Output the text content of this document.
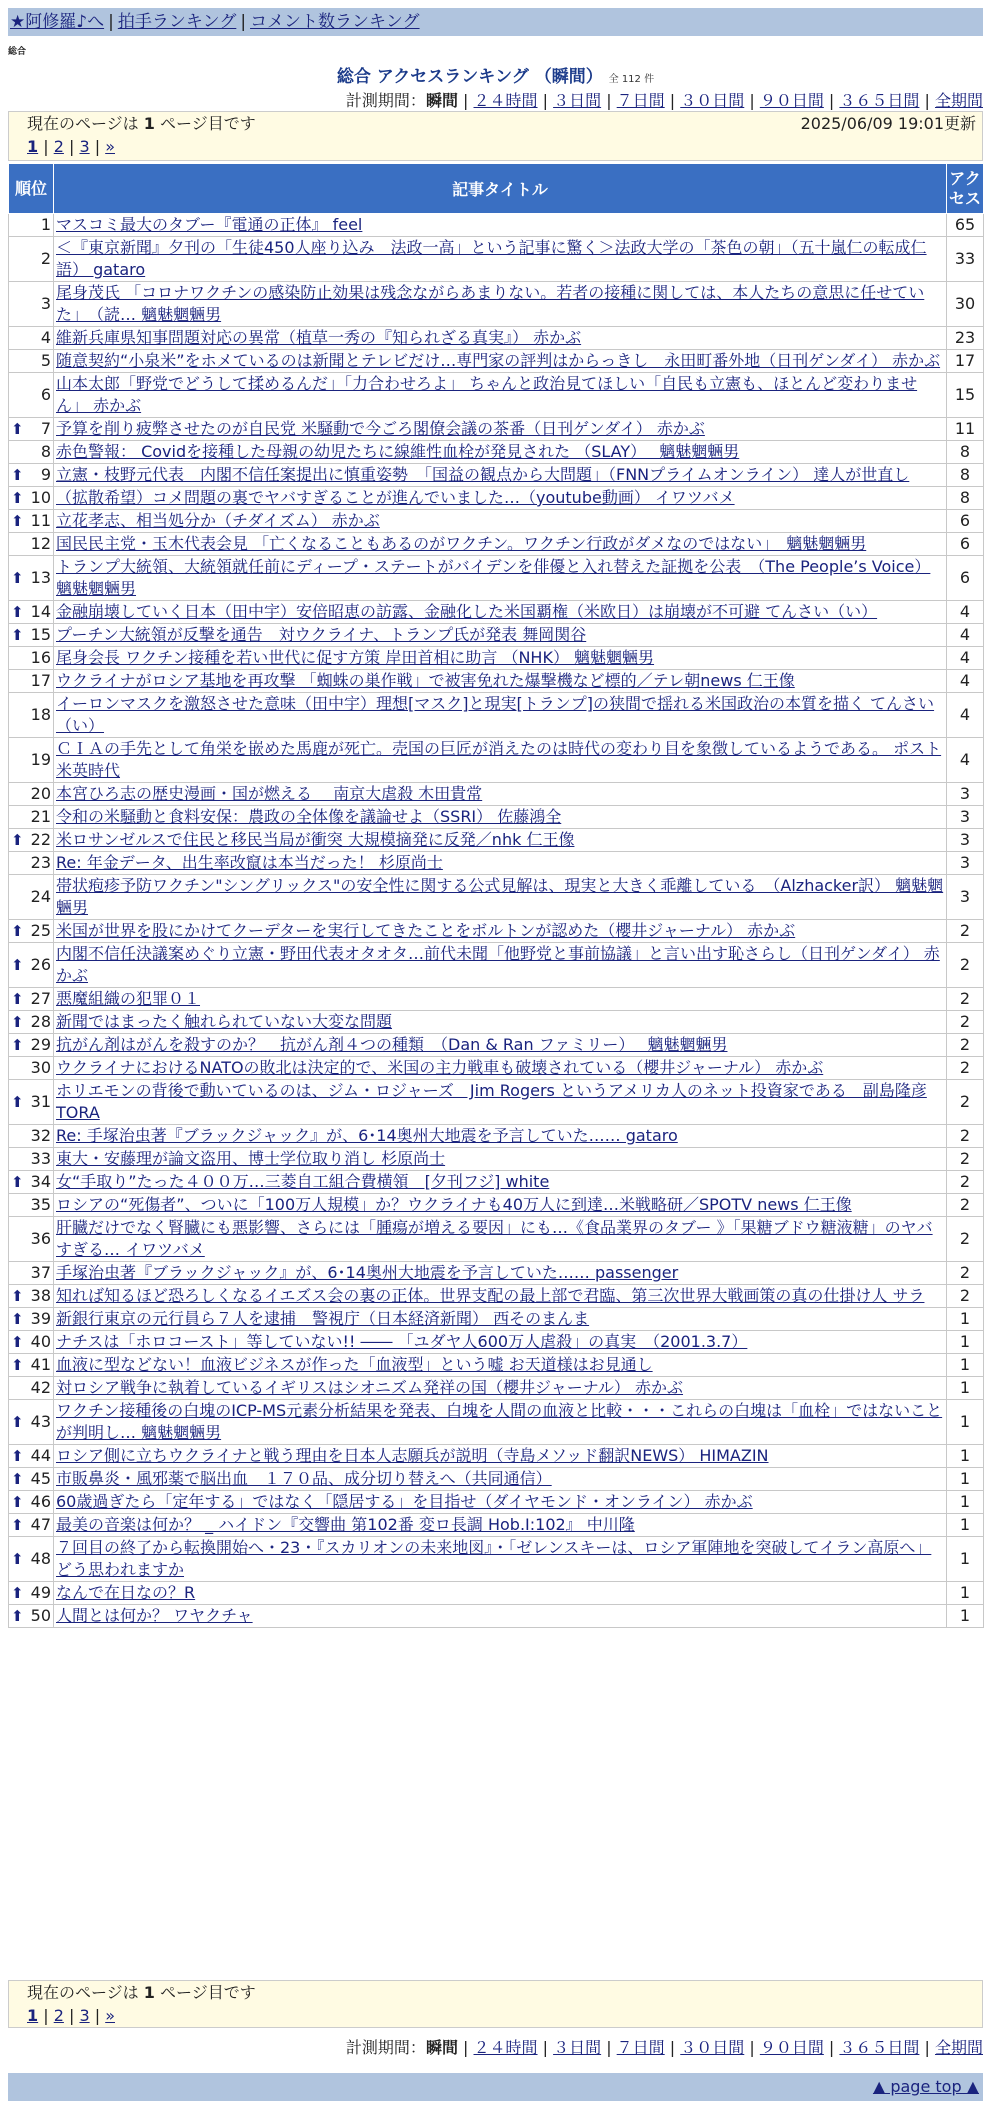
★阿修羅♪へ | 拍手ランキング | コメント数ランキング
総合
総合 アクセスランキング （瞬間） 全 112 件
計測期間：瞬間 | ２４時間 | ３日間 | ７日間 | ３０日間 | ９０日間 | ３６５日間 | 全期間
現在のページは 1 ページ目です	2025/06/09 19:01更新
1 | 2 | 3 | »
順位	記事タイトル	アクセス
1	マスコミ最大のタブー『電通の正体』 feel	65
2	＜『東京新聞』夕刊の「生徒450人座り込み　法政一高」という記事に驚く＞法政大学の「茶色の朝」（五十嵐仁の転成仁語） gataro	33
3	尾身茂氏 「コロナワクチンの感染防止効果は残念ながらあまりない。若者の接種に関しては、本人たちの意思に任せていた」　（読… 魑魅魍魎男	30
4	維新兵庫県知事問題対応の異常（植草一秀の『知られざる真実』） 赤かぶ	23
5	随意契約“小泉米”をホメているのは新聞とテレビだけ…専門家の評判はからっきし　永田町番外地（日刊ゲンダイ） 赤かぶ	17
6	山本太郎「野党でどうして揉めるんだ」「力合わせろよ」 ちゃんと政治見てほしい「自民も立憲も、ほとんど変わりません」 赤かぶ	15

⬆ 7	予算を削り疲弊させたのが自民党 米騒動で今ごろ閣僚会議の茶番（日刊ゲンダイ） 赤かぶ	11
8	赤色警報： Covidを接種した母親の幼児たちに線維性血栓が発見された （SLAY）　 魑魅魍魎男	8

⬆ 9	立憲・枝野元代表　内閣不信任案提出に慎重姿勢　「国益の観点から大問題」（FNNプライムオンライン） 達人が世直し	8

⬆ 10	（拡散希望）コメ問題の裏でヤバすぎることが進んでいました…（youtube動画） イワツバメ	8

⬆ 11	立花孝志、相当処分か（チダイズム） 赤かぶ	6
12	国民民主党・玉木代表会見 「亡くなることもあるのがワクチン。ワクチン行政がダメなのではない」　魑魅魍魎男	6

⬆ 13	トランプ大統領、大統領就任前にディープ・ステートがバイデンを俳優と入れ替えた証拠を公表　（The People’s Voice） 魑魅魍魎男	6

⬆ 14	金融崩壊していく日本（田中宇）安倍昭恵の訪露、金融化した米国覇権（米欧日）は崩壊が不可避 てんさい（い）	4

⬆ 15	プーチン大統領が反撃を通告　対ウクライナ、トランプ氏が発表 舞岡関谷	4
16	尾身会長 ワクチン接種を若い世代に促す方策 岸田首相に助言 （NHK） 魑魅魍魎男	4
17	ウクライナがロシア基地を再攻撃 「蜘蛛の巣作戦」で被害免れた爆撃機など標的／テレ朝news 仁王像	4
18	イーロンマスクを激怒させた意味（田中宇）理想[マスク]と現実[トランプ]の狭間で揺れる米国政治の本質を描く てんさい（い）	4
19	ＣＩＡの手先として角栄を嵌めた馬鹿が死亡。売国の巨匠が消えたのは時代の変わり目を象徴しているようである。 ポスト米英時代	4
20	本宮ひろ志の歴史漫画・国が燃える　 南京大虐殺 木田貴常	3
21	令和の米騒動と食料安保：農政の全体像を議論せよ（SSRI） 佐藤鴻全	3

⬆ 22	米ロサンゼルスで住民と移民当局が衝突 大規模摘発に反発／nhk 仁王像	3
23	Re: 年金データ、出生率改竄は本当だった！ 杉原尚士	3
24	帯状疱疹予防ワクチン"シングリックス"の安全性に関する公式見解は、現実と大きく乖離している　（Alzhacker訳） 魑魅魍魎男	3

⬆ 25	米国が世界を股にかけてクーデターを実行してきたことをボルトンが認めた（櫻井ジャーナル） 赤かぶ	2

⬆ 26	内閣不信任決議案めぐり立憲・野田代表オタオタ…前代未聞「他野党と事前協議」と言い出す恥さらし（日刊ゲンダイ） 赤かぶ	2

⬆ 27	悪魔組織の犯罪０１	2

⬆ 28	新聞ではまったく触れられていない大変な問題	2

⬆ 29	抗がん剤はがんを殺すのか？　抗がん剤４つの種類　（Dan & Ran ファミリー）　 魑魅魍魎男	2
30	ウクライナにおけるNATOの敗北は決定的で、米国の主力戦車も破壊されている（櫻井ジャーナル） 赤かぶ	2

⬆ 31	ホリエモンの背後で動いているのは、ジム・ロジャーズ　Jim Rogers というアメリカ人のネット投資家である　副島隆彦 TORA	2
32	Re: 手塚治虫著『ブラックジャック』が、6･14奥州大地震を予言していた…… gataro	2
33	東大・安藤理が論文盗用、博士学位取り消し 杉原尚士	2

⬆ 34	女“手取り”たった４００万…三菱自工組合費横領　[夕刊フジ] white	2
35	ロシアの“死傷者”、ついに「100万人規模」か？ウクライナも40万人に到達…米戦略研／SPOTV news 仁王像	2
36	肝臓だけでなく腎臓にも悪影響、さらには「腫瘍が増える要因」にも…《食品業界のタブー 》「果糖ブドウ糖液糖」のヤバすぎる… イワツバメ	2
37	手塚治虫著『ブラックジャック』が、6･14奥州大地震を予言していた…… passenger	2

⬆ 38	知れば知るほど恐ろしくなるイエズス会の裏の正体。世界支配の最上部で君臨、第三次世界大戦画策の真の仕掛け人 サラ	2

⬆ 39	新銀行東京の元行員ら７人を逮捕　警視庁（日本経済新聞） 西そのまんま	1

⬆ 40	ナチスは「ホロコースト」等していない!! ―― 「ユダヤ人600万人虐殺」の真実　（2001.3.7）	1

⬆ 41	血液に型などない！血液ビジネスが作った「血液型」という嘘 お天道様はお見通し	1
42	対ロシア戦争に執着しているイギリスはシオニズム発祥の国（櫻井ジャーナル） 赤かぶ	1

⬆ 43	ワクチン接種後の白塊のICP-MS元素分析結果を発表、白塊を人間の血液と比較・・・これらの白塊は「血栓」ではないことが判明し… 魑魅魍魎男	1

⬆ 44	ロシア側に立ちウクライナと戦う理由を日本人志願兵が説明（寺島メソッド翻訳NEWS） HIMAZIN	1

⬆ 45	市販鼻炎・風邪薬で脳出血　１７０品、成分切り替えへ（共同通信）	1

⬆ 46	60歳過ぎたら「定年する」ではなく「隠居する」を目指せ（ダイヤモンド・オンライン） 赤かぶ	1

⬆ 47	最美の音楽は何か？ _ ハイドン『交響曲 第102番 変ロ長調 Hob.I:102』 中川隆	1

⬆ 48	７回目の終了から転換開始へ・23・『スカリオンの未来地図』・「ゼレンスキーは、ロシア軍陣地を突破してイラン高原へ」どう思われますか	1

⬆ 49	なんで在日なの？R	1

⬆ 50	人間とは何か？ ワヤクチャ	1
現在のページは 1 ページ目です
1 | 2 | 3 | »
計測期間：瞬間 | ２４時間 | ３日間 | ７日間 | ３０日間 | ９０日間 | ３６５日間 | 全期間
▲ page top ▲
